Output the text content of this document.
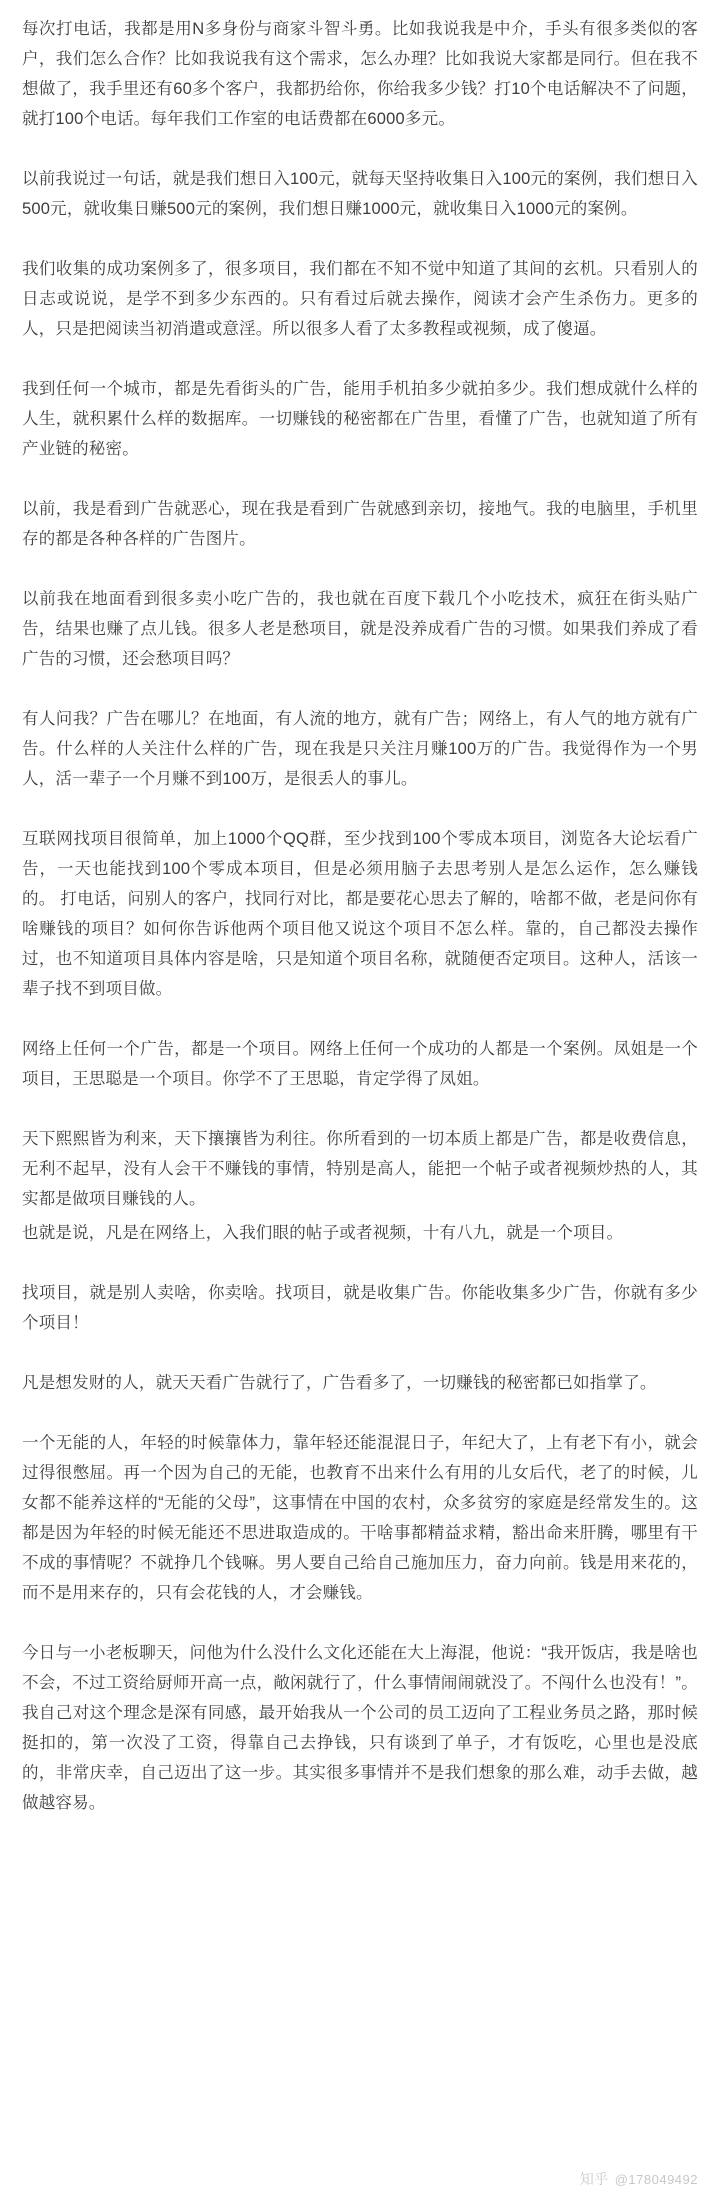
每次打电话，我都是用N多身份与商家斗智斗勇。比如我说我是中介，手头有很多类似的客户，我们怎么合作？比如我说我有这个需求，怎么办理？比如我说大家都是同行。但在我不想做了，我手里还有60多个客户，我都扔给你，你给我多少钱？打10个电话解决不了问题，就打100个电话。每年我们工作室的电话费都在6000多元。

以前我说过一句话，就是我们想日入100元，就每天坚持收集日入100元的案例，我们想日入500元，就收集日赚500元的案例，我们想日赚1000元，就收集日入1000元的案例。

我们收集的成功案例多了，很多项目，我们都在不知不觉中知道了其间的玄机。只看别人的日志或说说，是学不到多少东西的。只有看过后就去操作，阅读才会产生杀伤力。更多的人，只是把阅读当初消遣或意淫。所以很多人看了太多教程或视频，成了傻逼。

我到任何一个城市，都是先看街头的广告，能用手机拍多少就拍多少。我们想成就什么样的人生，就积累什么样的数据库。一切赚钱的秘密都在广告里，看懂了广告，也就知道了所有产业链的秘密。

以前，我是看到广告就恶心，现在我是看到广告就感到亲切，接地气。我的电脑里，手机里存的都是各种各样的广告图片。

以前我在地面看到很多卖小吃广告的，我也就在百度下载几个小吃技术，疯狂在街头贴广告，结果也赚了点儿钱。很多人老是愁项目，就是没养成看广告的习惯。如果我们养成了看广告的习惯，还会愁项目吗？

有人问我？广告在哪儿？在地面，有人流的地方，就有广告；网络上，有人气的地方就有广告。什么样的人关注什么样的广告，现在我是只关注月赚100万的广告。我觉得作为一个男人，活一辈子一个月赚不到100万，是很丢人的事儿。

互联网找项目很简单，加上1000个QQ群，至少找到100个零成本项目，浏览各大论坛看广告，一天也能找到100个零成本项目，但是必须用脑子去思考别人是怎么运作，怎么赚钱的。 打电话，问别人的客户，找同行对比，都是要花心思去了解的，啥都不做，老是问你有啥赚钱的项目？如何你告诉他两个项目他又说这个项目不怎么样。靠的，自己都没去操作过，也不知道项目具体内容是啥，只是知道个项目名称，就随便否定项目。这种人，活该一辈子找不到项目做。

网络上任何一个广告，都是一个项目。网络上任何一个成功的人都是一个案例。凤姐是一个项目，王思聪是一个项目。你学不了王思聪，肯定学得了凤姐。

天下熙熙皆为利来，天下攘攘皆为利往。你所看到的一切本质上都是广告，都是收费信息，无利不起早，没有人会干不赚钱的事情，特别是高人，能把一个帖子或者视频炒热的人，其实都是做项目赚钱的人。

也就是说，凡是在网络上，入我们眼的帖子或者视频，十有八九，就是一个项目。

找项目，就是别人卖啥，你卖啥。找项目，就是收集广告。你能收集多少广告，你就有多少个项目！

凡是想发财的人，就天天看广告就行了，广告看多了，一切赚钱的秘密都已如指掌了。

一个无能的人，年轻的时候靠体力，靠年轻还能混混日子，年纪大了，上有老下有小，就会过得很憋屈。再一个因为自己的无能，也教育不出来什么有用的儿女后代，老了的时候，儿女都不能养这样的“无能的父母”，这事情在中国的农村，众多贫穷的家庭是经常发生的。这都是因为年轻的时候无能还不思进取造成的。干啥事都精益求精，豁出命来肝腾，哪里有干不成的事情呢？不就挣几个钱嘛。男人要自己给自己施加压力，奋力向前。钱是用来花的，而不是用来存的，只有会花钱的人，才会赚钱。

今日与一小老板聊天，问他为什么没什么文化还能在大上海混，他说：“我开饭店，我是啥也不会，不过工资给厨师开高一点，敞闲就行了，什么事情闹闹就没了。不闯什么也没有！”。 我自己对这个理念是深有同感，最开始我从一个公司的员工迈向了工程业务员之路，那时候挺扣的，第一次没了工资，得靠自己去挣钱，只有谈到了单子，才有饭吃，心里也是没底的，非常庆幸，自己迈出了这一步。其实很多事情并不是我们想象的那么难，动手去做，越做越容易。

知乎 @178049492
